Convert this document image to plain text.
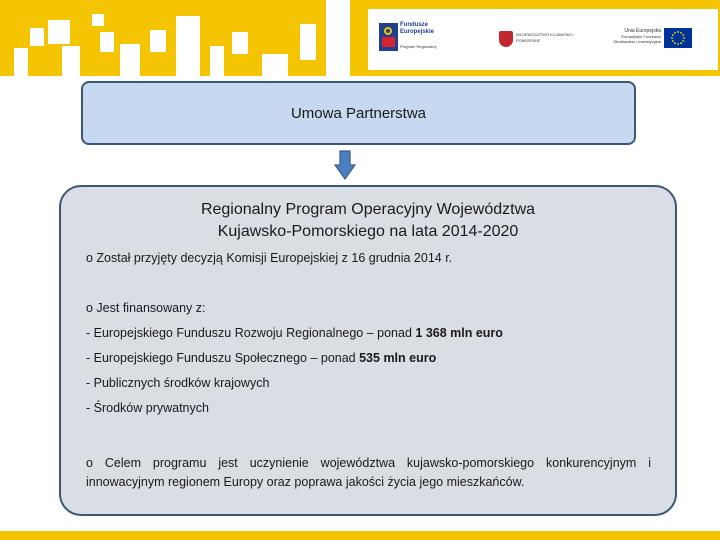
Fundusze Europejskie
Program Regionalny
WOJEWÓDZTWO KUJAWSKO-POMORSKIE
Unia Europejska
Europejskie Fundusze Strukturalne i Inwestycyjne
Umowa Partnerstwa
Regionalny Program Operacyjny Województwa
Kujawsko-Pomorskiego na lata 2014-2020
o Został przyjęty decyzją Komisji Europejskiej z 16 grudnia 2014 r.
o Jest finansowany z:
- Europejskiego Funduszu Rozwoju Regionalnego – ponad 1 368 mln euro
- Europejskiego Funduszu Społecznego – ponad 535 mln euro
- Publicznych środków krajowych
- Środków prywatnych
o Celem programu jest uczynienie województwa kujawsko-pomorskiego konkurencyjnym i innowacyjnym regionem Europy oraz poprawa jakości życia jego mieszkańców.
